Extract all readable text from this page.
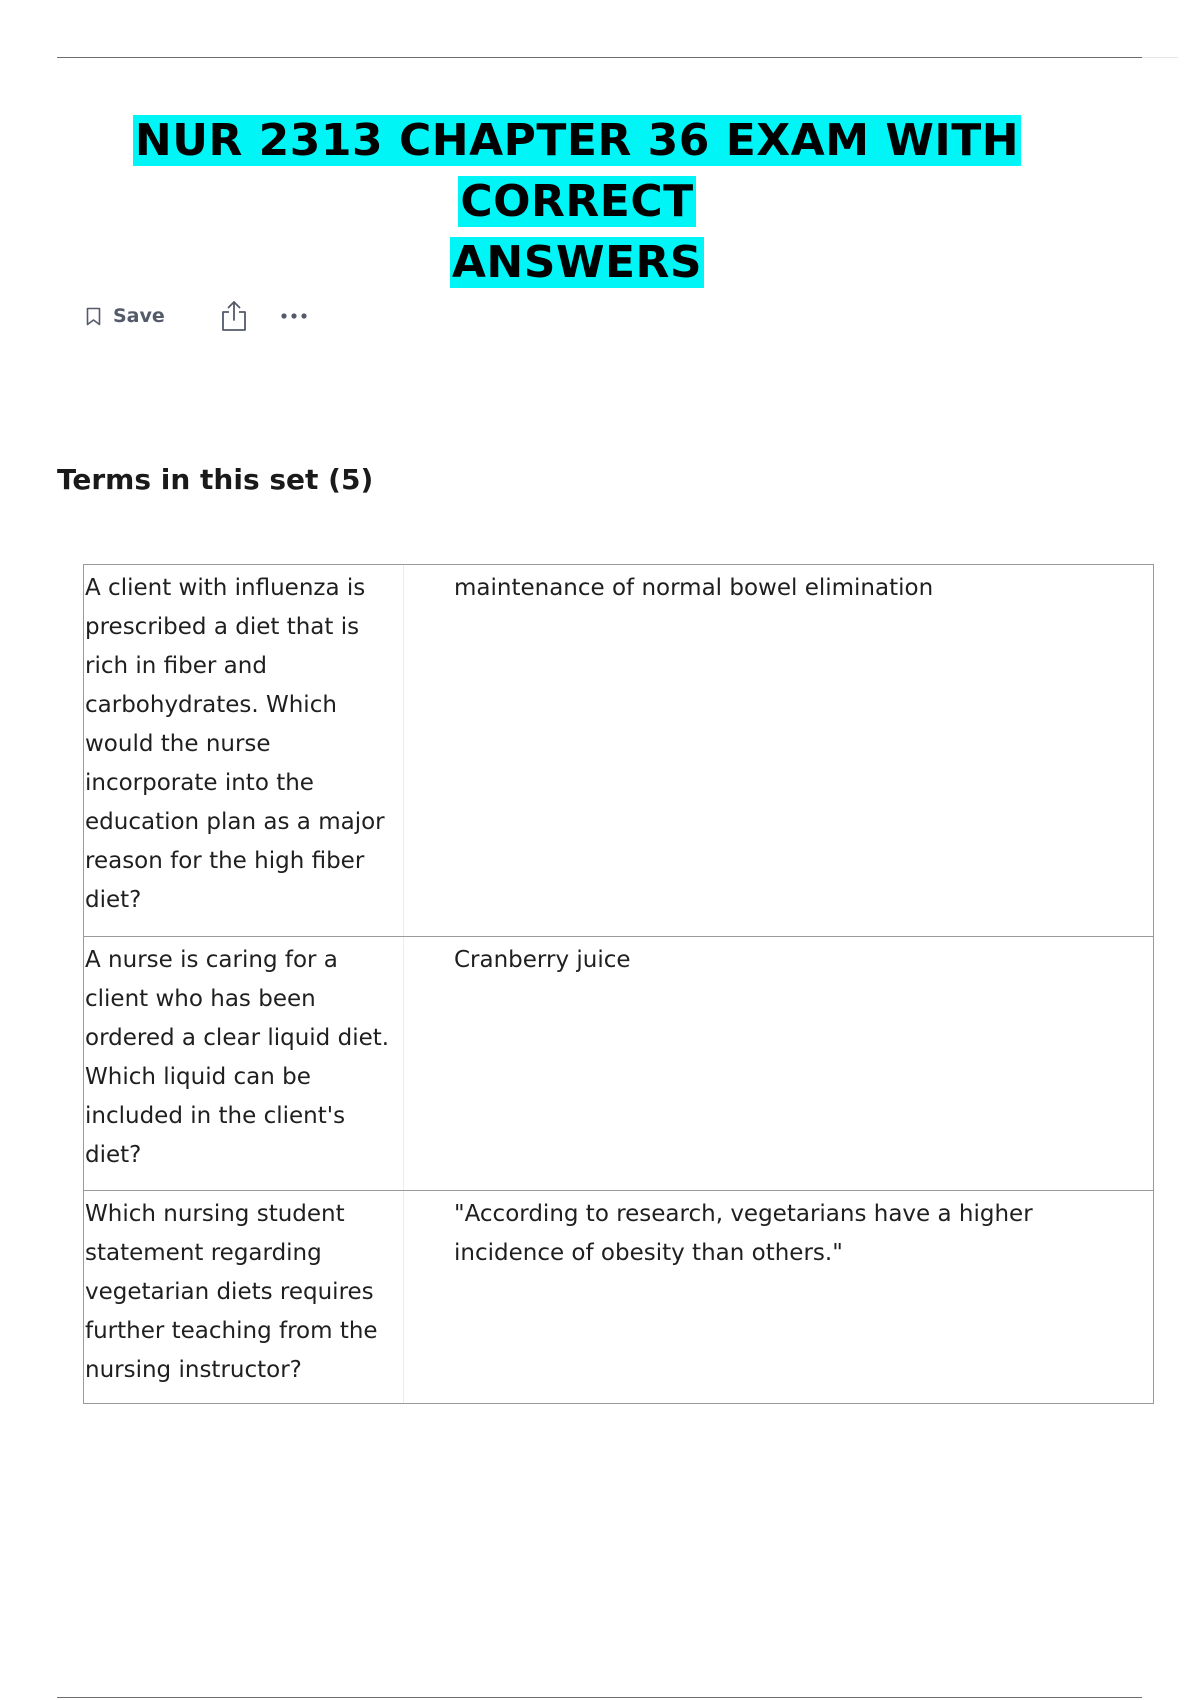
NUR 2313 CHAPTER 36 EXAM WITH CORRECT
ANSWERS
Save
Terms in this set (5)
A client with influenza is prescribed a diet that is rich in fiber and carbohydrates. Which would the nurse incorporate into the education plan as a major reason for the high fiber diet?
maintenance of normal bowel elimination
A nurse is caring for a client who has been ordered a clear liquid diet. Which liquid can be included in the client's diet?
Cranberry juice
Which nursing student statement regarding vegetarian diets requires further teaching from the nursing instructor?
"According to research, vegetarians have a higher incidence of obesity than others."
